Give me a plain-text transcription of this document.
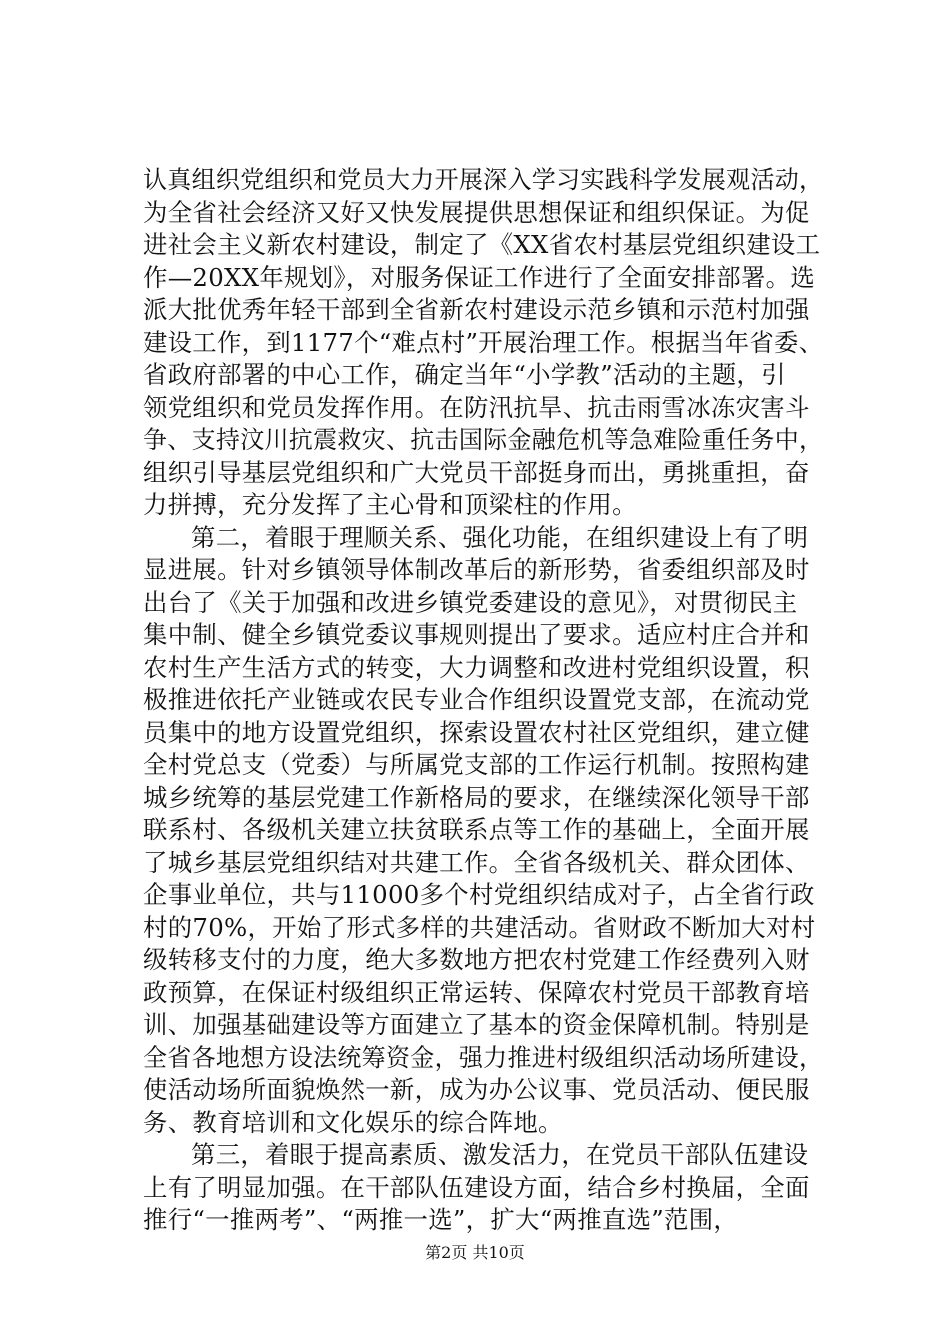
认真组织党组织和党员大力开展深入学习实践科学发展观活动，
为全省社会经济又好又快发展提供思想保证和组织保证。为促
进社会主义新农村建设，制定了《XX省农村基层党组织建设工
作—20XX年规划》，对服务保证工作进行了全面安排部署。选
派大批优秀年轻干部到全省新农村建设示范乡镇和示范村加强
建设工作，到1177个“难点村”开展治理工作。根据当年省委、
省政府部署的中心工作，确定当年“小学教”活动的主题，引
领党组织和党员发挥作用。在防汛抗旱、抗击雨雪冰冻灾害斗
争、支持汶川抗震救灾、抗击国际金融危机等急难险重任务中，
组织引导基层党组织和广大党员干部挺身而出，勇挑重担，奋
力拼搏，充分发挥了主心骨和顶梁柱的作用。
第二，着眼于理顺关系、强化功能，在组织建设上有了明
显进展。针对乡镇领导体制改革后的新形势，省委组织部及时
出台了《关于加强和改进乡镇党委建设的意见》，对贯彻民主
集中制、健全乡镇党委议事规则提出了要求。适应村庄合并和
农村生产生活方式的转变，大力调整和改进村党组织设置，积
极推进依托产业链或农民专业合作组织设置党支部，在流动党
员集中的地方设置党组织，探索设置农村社区党组织，建立健
全村党总支（党委）与所属党支部的工作运行机制。按照构建
城乡统筹的基层党建工作新格局的要求，在继续深化领导干部
联系村、各级机关建立扶贫联系点等工作的基础上，全面开展
了城乡基层党组织结对共建工作。全省各级机关、群众团体、
企事业单位，共与11000多个村党组织结成对子，占全省行政
村的70%，开始了形式多样的共建活动。省财政不断加大对村
级转移支付的力度，绝大多数地方把农村党建工作经费列入财
政预算，在保证村级组织正常运转、保障农村党员干部教育培
训、加强基础建设等方面建立了基本的资金保障机制。特别是
全省各地想方设法统筹资金，强力推进村级组织活动场所建设，
使活动场所面貌焕然一新，成为办公议事、党员活动、便民服
务、教育培训和文化娱乐的综合阵地。
第三，着眼于提高素质、激发活力，在党员干部队伍建设
上有了明显加强。在干部队伍建设方面，结合乡村换届，全面
推行“一推两考”、“两推一选”，扩大“两推直选”范围，
第2页 共10页
